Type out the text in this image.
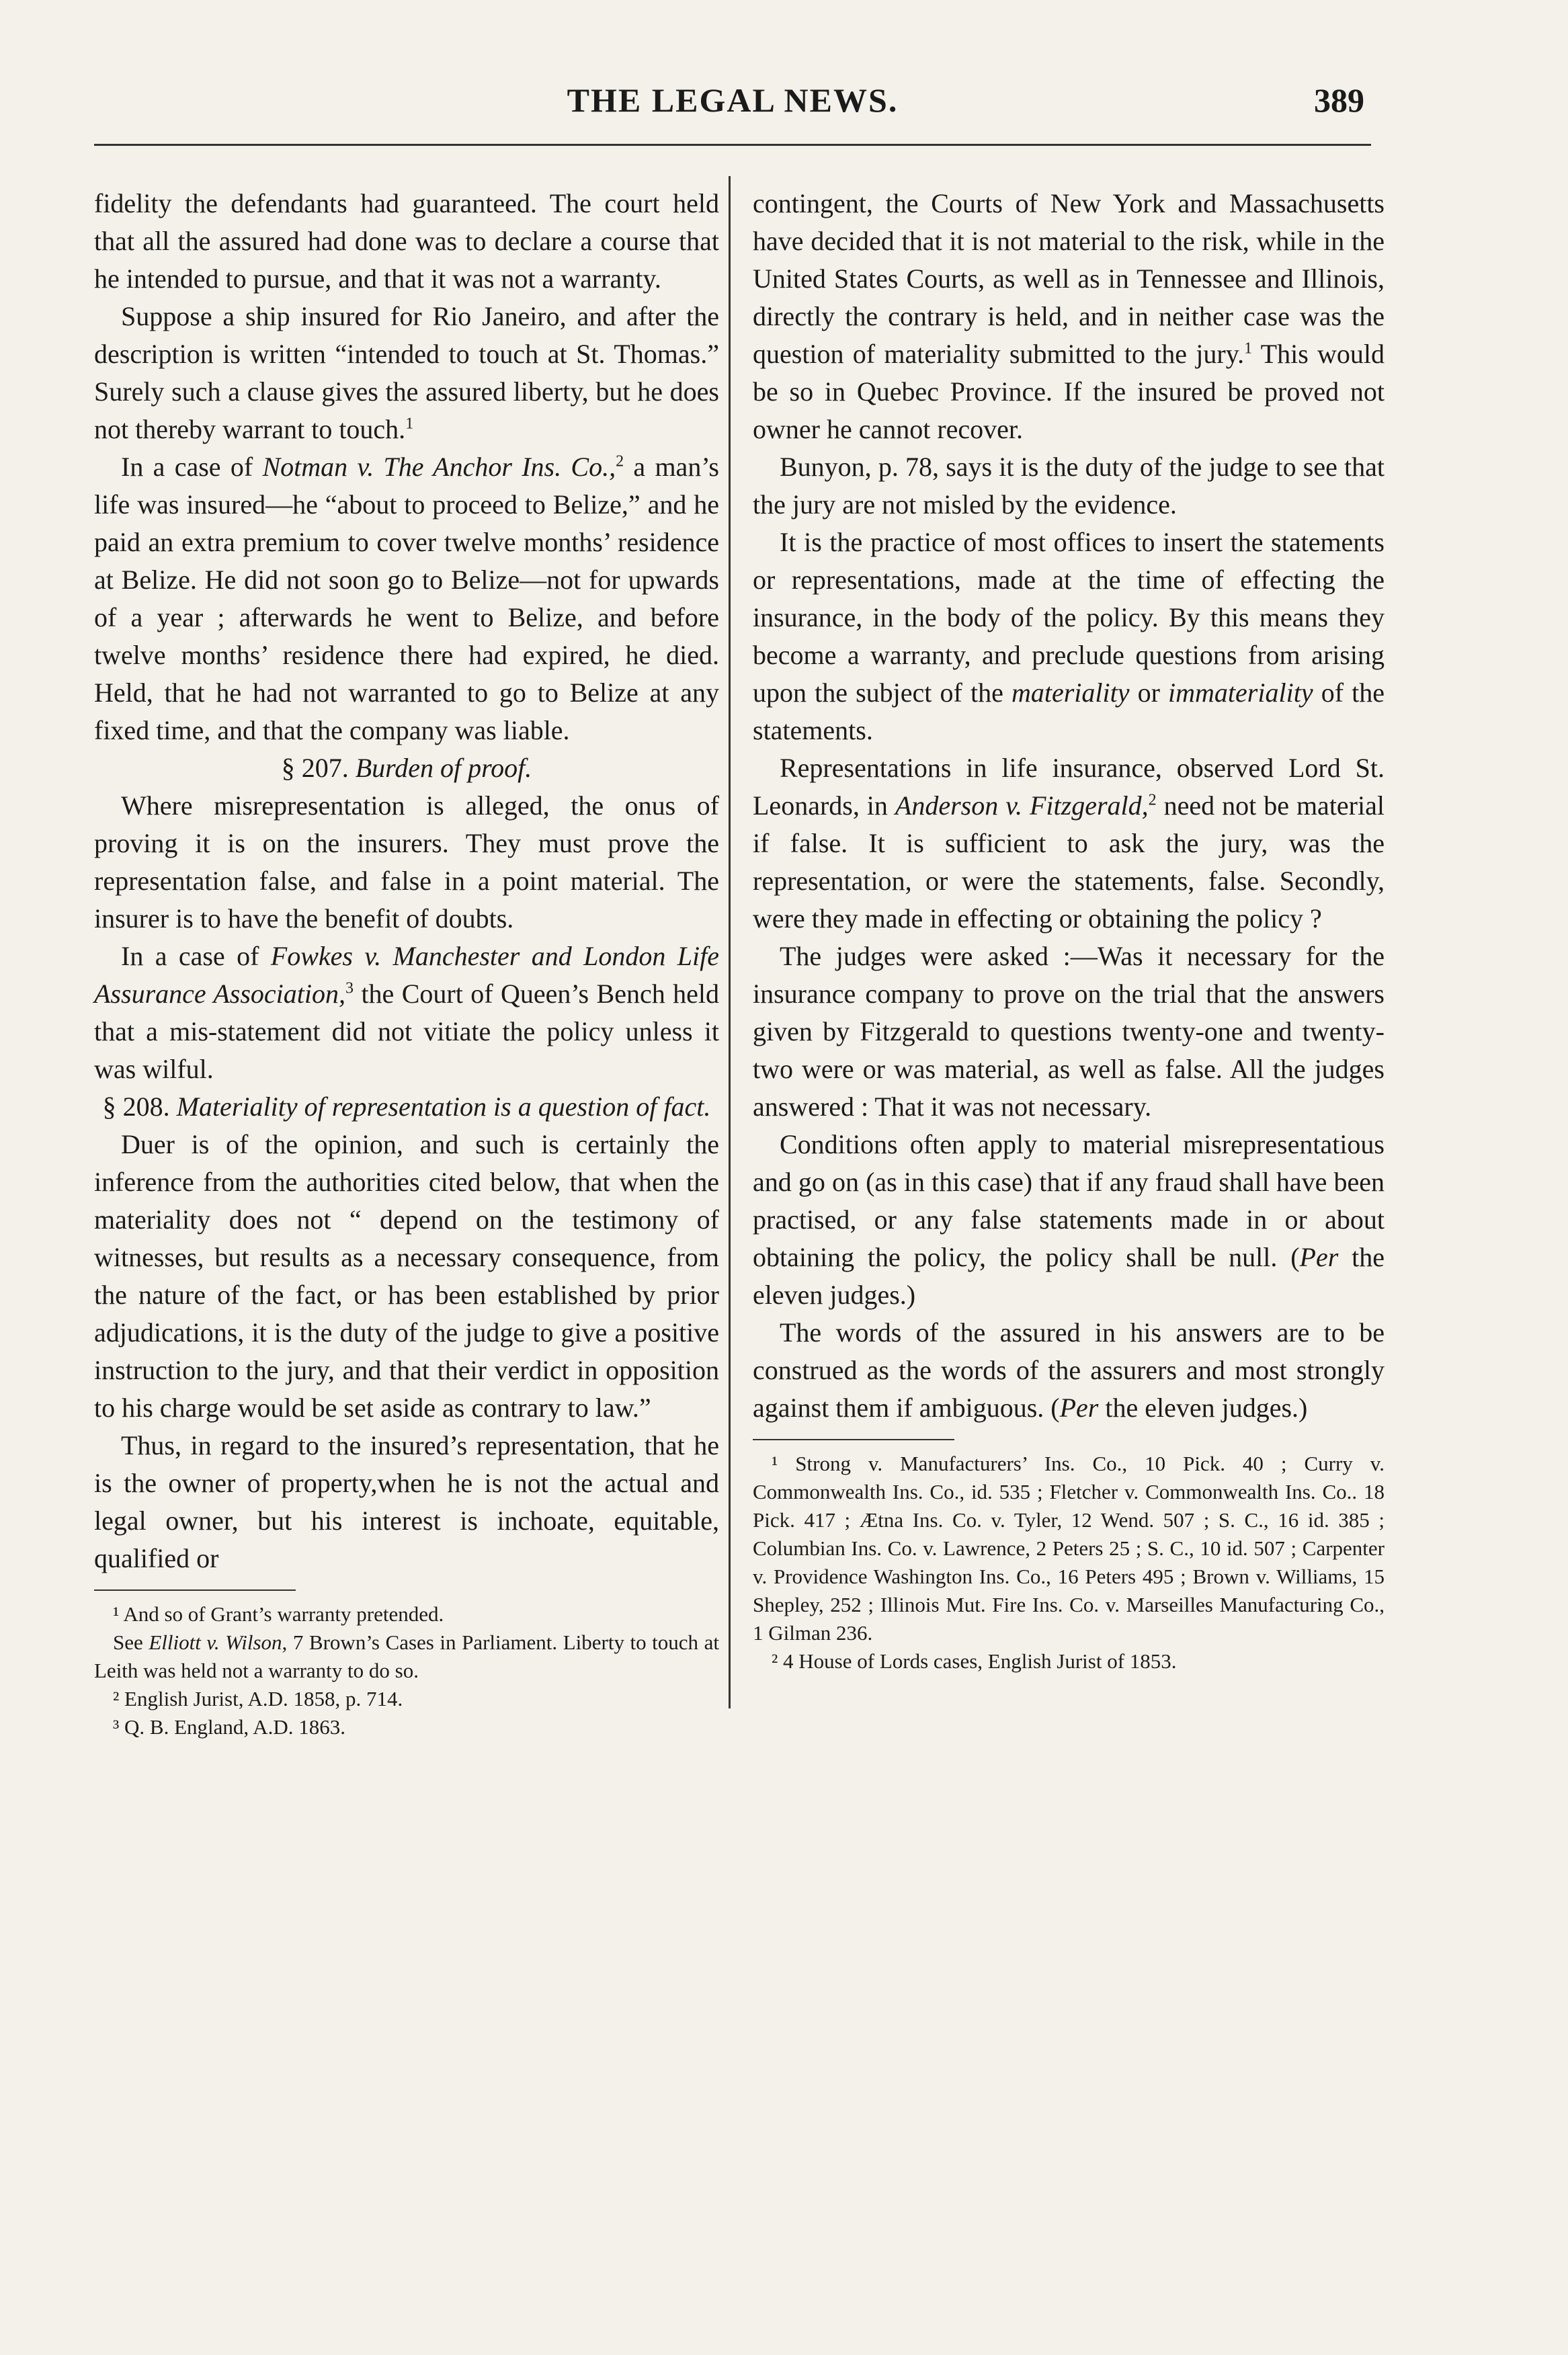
THE LEGAL NEWS.	389

fidelity the defendants had guaranteed. The court held that all the assured had done was to declare a course that he intended to pursue, and that it was not a warranty.

Suppose a ship insured for Rio Janeiro, and after the description is written “intended to touch at St. Thomas.” Surely such a clause gives the assured liberty, but he does not thereby warrant to touch.$^1$

In a case of Notman v. The Anchor Ins. Co.,$^2$ a man’s life was insured—he “about to proceed to Belize,” and he paid an extra premium to cover twelve months’ residence at Belize. He did not soon go to Belize—not for upwards of a year ; afterwards he went to Belize, and before twelve months’ residence there had expired, he died. Held, that he had not warranted to go to Belize at any fixed time, and that the company was liable.

§ 207. Burden of proof.

Where misrepresentation is alleged, the onus of proving it is on the insurers. They must prove the representation false, and false in a point material. The insurer is to have the benefit of doubts.

In a case of Fowkes v. Manchester and London Life Assurance Association,$^3$ the Court of Queen’s Bench held that a mis-statement did not vitiate the policy unless it was wilful.

§ 208. Materiality of representation is a question of fact.

Duer is of the opinion, and such is certainly the inference from the authorities cited below, that when the materiality does not “ depend on the testimony of witnesses, but results as a necessary consequence, from the nature of the fact, or has been established by prior adjudications, it is the duty of the judge to give a positive instruction to the jury, and that their verdict in opposition to his charge would be set aside as contrary to law.”

Thus, in regard to the insured’s representation, that he is the owner of property,when he is not the actual and legal owner, but his interest is inchoate, equitable, qualified or

¹ And so of Grant’s warranty pretended.

See Elliott v. Wilson, 7 Brown’s Cases in Parliament. Liberty to touch at Leith was held not a warranty to do so.

² English Jurist, A.D. 1858, p. 714.

³ Q. B. England, A.D. 1863.

contingent, the Courts of New York and Massachusetts have decided that it is not material to the risk, while in the United States Courts, as well as in Tennessee and Illinois, directly the contrary is held, and in neither case was the question of materiality submitted to the jury.$^1$ This would be so in Quebec Province. If the insured be proved not owner he cannot recover.

Bunyon, p. 78, says it is the duty of the judge to see that the jury are not misled by the evidence.

It is the practice of most offices to insert the statements or representations, made at the time of effecting the insurance, in the body of the policy. By this means they become a warranty, and preclude questions from arising upon the subject of the materiality or immateriality of the statements.

Representations in life insurance, observed Lord St. Leonards, in Anderson v. Fitzgerald,$^2$ need not be material if false. It is sufficient to ask the jury, was the representation, or were the statements, false. Secondly, were they made in effecting or obtaining the policy ?

The judges were asked :—Was it necessary for the insurance company to prove on the trial that the answers given by Fitzgerald to questions twenty-one and twenty-two were or was material, as well as false. All the judges answered : That it was not necessary.

Conditions often apply to material misrepresentatious and go on (as in this case) that if any fraud shall have been practised, or any false statements made in or about obtaining the policy, the policy shall be null. (Per the eleven judges.)

The words of the assured in his answers are to be construed as the words of the assurers and most strongly against them if ambiguous. (Per the eleven judges.)

¹ Strong v. Manufacturers’ Ins. Co., 10 Pick. 40 ; Curry v. Commonwealth Ins. Co., id. 535 ; Fletcher v. Commonwealth Ins. Co.. 18 Pick. 417 ; Ætna Ins. Co. v. Tyler, 12 Wend. 507 ; S. C., 16 id. 385 ; Columbian Ins. Co. v. Lawrence, 2 Peters 25 ; S. C., 10 id. 507 ; Carpenter v. Providence Washington Ins. Co., 16 Peters 495 ; Brown v. Williams, 15 Shepley, 252 ; Illinois Mut. Fire Ins. Co. v. Marseilles Manufacturing Co., 1 Gilman 236.

² 4 House of Lords cases, English Jurist of 1853.
